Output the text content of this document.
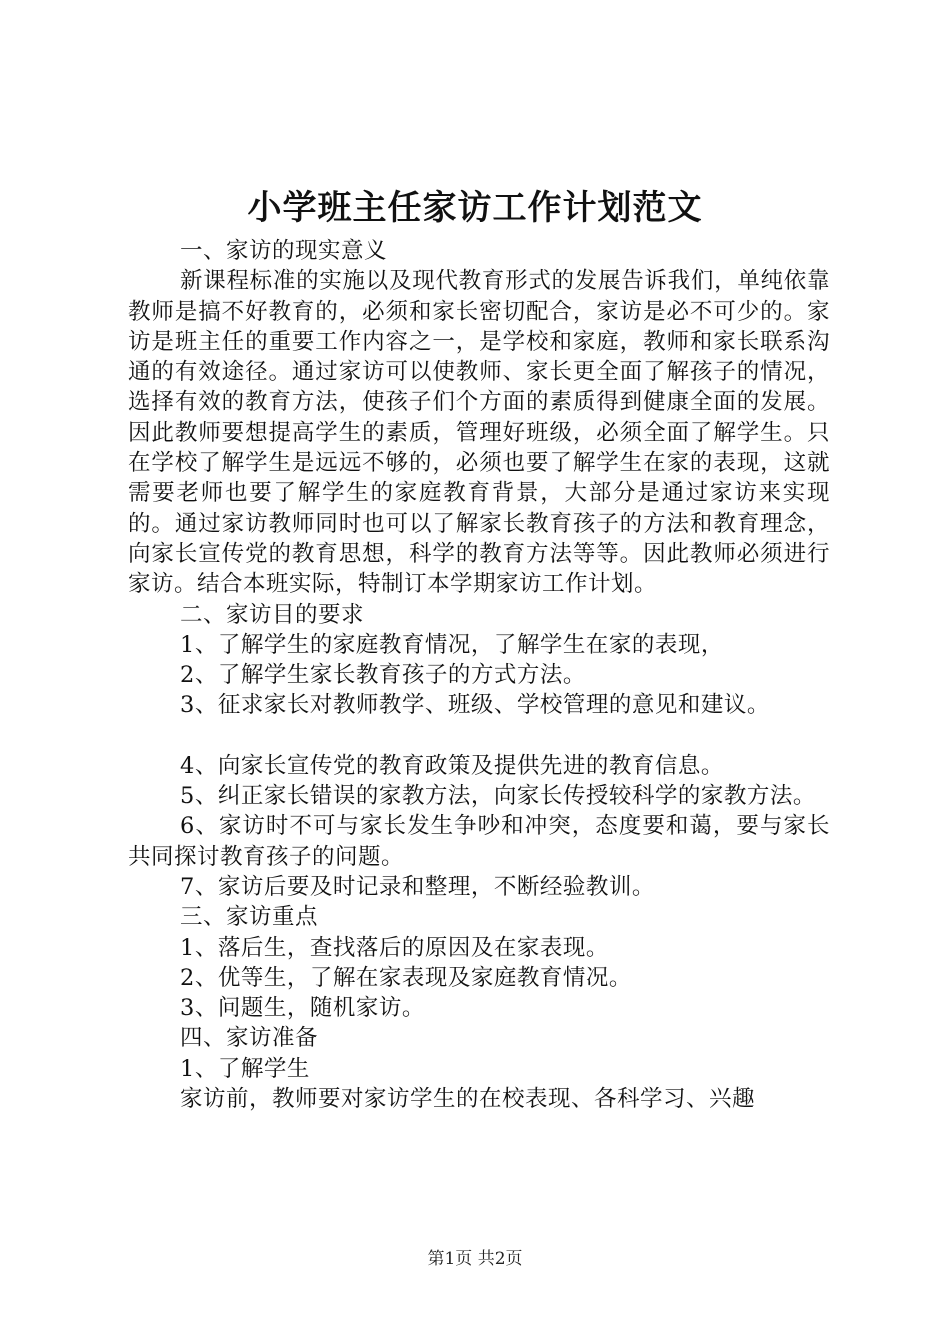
小学班主任家访工作计划范文

一、家访的现实意义

新课程标准的实施以及现代教育形式的发展告诉我们，单纯依靠教师是搞不好教育的，必须和家长密切配合，家访是必不可少的。家访是班主任的重要工作内容之一，是学校和家庭，教师和家长联系沟通的有效途径。通过家访可以使教师、家长更全面了解孩子的情况，选择有效的教育方法，使孩子们个方面的素质得到健康全面的发展。因此教师要想提高学生的素质，管理好班级，必须全面了解学生。只在学校了解学生是远远不够的，必须也要了解学生在家的表现，这就需要老师也要了解学生的家庭教育背景，大部分是通过家访来实现的。通过家访教师同时也可以了解家长教育孩子的方法和教育理念，向家长宣传党的教育思想，科学的教育方法等等。因此教师必须进行家访。结合本班实际，特制订本学期家访工作计划。

二、家访目的要求

1、了解学生的家庭教育情况，了解学生在家的表现，

2、了解学生家长教育孩子的方式方法。

3、征求家长对教师教学、班级、学校管理的意见和建议。

4、向家长宣传党的教育政策及提供先进的教育信息。

5、纠正家长错误的家教方法，向家长传授较科学的家教方法。

6、家访时不可与家长发生争吵和冲突，态度要和蔼，要与家长共同探讨教育孩子的问题。

7、家访后要及时记录和整理，不断经验教训。

三、家访重点

1、落后生，查找落后的原因及在家表现。

2、优等生，了解在家表现及家庭教育情况。

3、问题生，随机家访。

四、家访准备

1、了解学生

家访前，教师要对家访学生的在校表现、各科学习、兴趣

第1页 共2页
